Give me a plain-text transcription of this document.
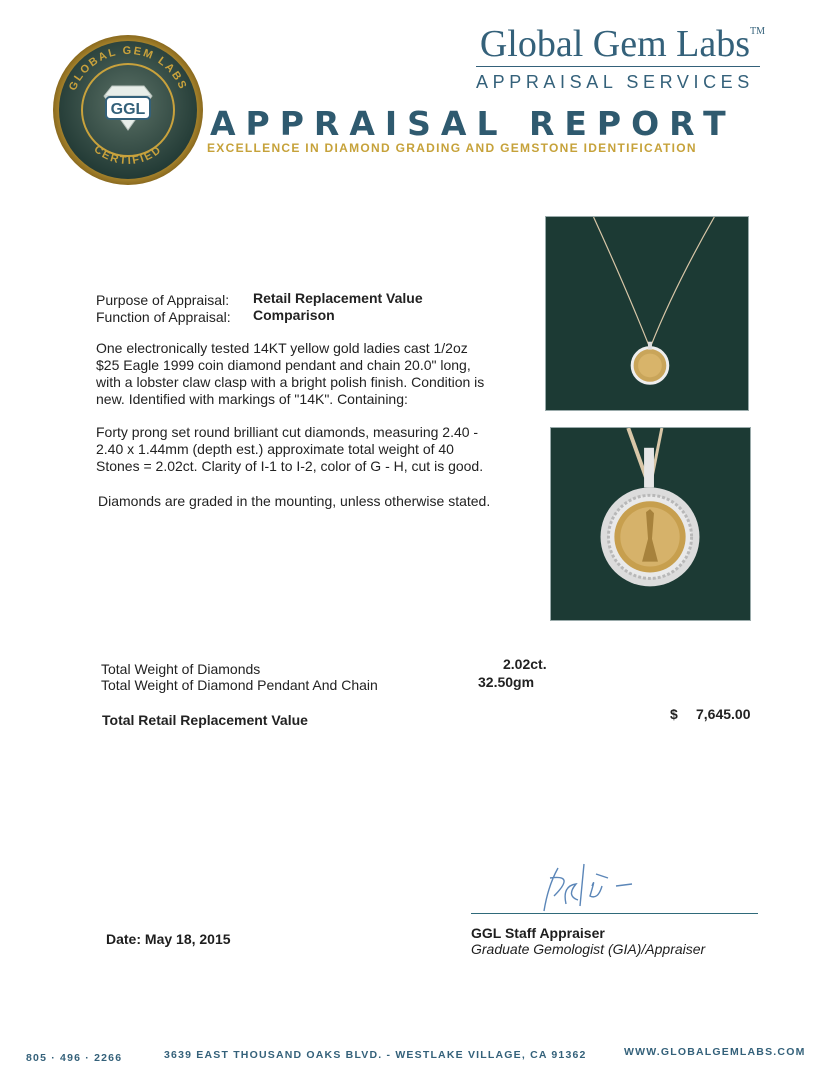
GLOBAL GEM LABS
GGL
CERTIFIED
Global Gem Labs™
APPRAISAL SERVICES
APPRAISAL REPORT
EXCELLENCE IN DIAMOND GRADING AND GEMSTONE IDENTIFICATION
Purpose of Appraisal: Retail Replacement Value
Function of Appraisal: Comparison
One electronically tested 14KT yellow gold ladies cast 1/2oz $25 Eagle 1999 coin diamond pendant and chain 20.0" long, with a lobster claw clasp with a bright polish finish. Condition is new. Identified with markings of "14K". Containing:
Forty prong set round brilliant cut diamonds, measuring 2.40 - 2.40 x 1.44mm (depth est.) approximate total weight of 40 Stones = 2.02ct. Clarity of I-1 to I-2, color of G - H, cut is good.
Diamonds are graded in the mounting, unless otherwise stated.
Total Weight of Diamonds	2.02ct.
Total Weight of Diamond Pendant And Chain	32.50gm
Total Retail Replacement Value	$ 7,645.00
GGL Staff Appraiser
Graduate Gemologist (GIA)/Appraiser
Date: May 18, 2015
805 · 496 · 2266	3639 EAST THOUSAND OAKS BLVD. - WESTLAKE VILLAGE, CA 91362	WWW.GLOBALGEMLABS.COM
